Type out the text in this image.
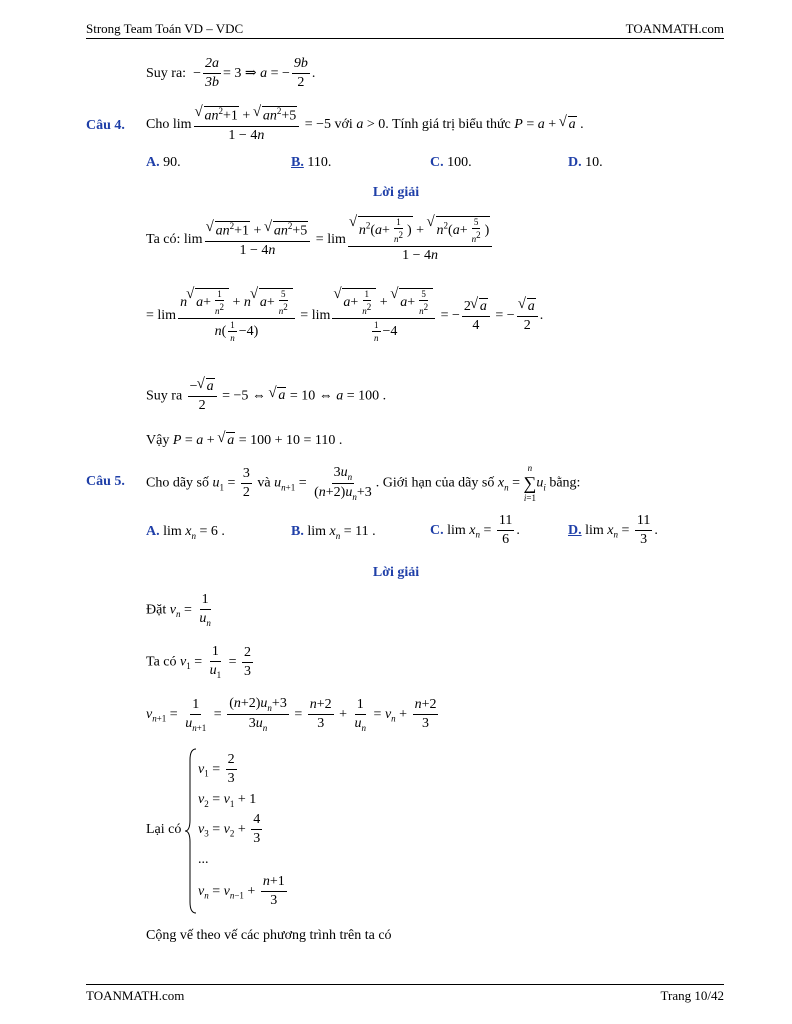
Strong Team Toán VD – VDC	TOANMATH.com
Suy ra:  − $\frac{2a}{3b} = 3$ ⇒ a = − $\frac{9b}{2}$ .
Câu 4. Cho lim √ $\frac{an^2+1 + √ an^2+5}{1 - 4n} = -5$ với a > 0. Tính giá trị biểu thức P = a + √ a .
A. 90.	B. 110.	C. 100.	D. 10.
Lời giải
Ta có: lim √ $\frac{an^2+1 + √ an^2+5}{1 - 4n} = \lim$ √ $\frac{n^2(a+ \frac{1}{n^2} ) + √ n^2(a+ \frac{5}{n^2} )}{1 - 4n}$
= $\lim \frac{n √ a+ \frac{1}{n^2} + n √ a+ \frac{5}{n^2}}{n( \frac{1}{n} -4)} = \lim$ √ $\frac{a+ \frac{1}{n^2} + √ a+ \frac{5}{n^2}}{\frac{1}{n} -4}$ = − $\frac{2 √ a}{4}$ = − √ $\frac{a}{2}$ .
Suy ra $\frac{- √ a}{2} = -5$ ⇔ √ a = 10 ⇔ a = 100 .
Vậy P = a + √ a = 100 + 10 = 110 .
Câu 5. Cho dãy số $u_1 = \frac{3}{2}$ và $u_{n+1} = \frac{3u_n}{(n+2)u_n+3}$ . Giới hạn của dãy số $x_n = n$
∑
$i=1u_i$ bằng:
A. $\lim x_n = 6$ .	B. $\lim x_n = 11$ .	C. $\lim x_n = \frac{11}{6}$ .	D. $\lim x_n = \frac{11}{3}$ .
Lời giải
Đặt $v_n = \frac{1}{u_n}$
Ta có $v_1 = \frac{1}{u_1} = \frac{2}{3}$
$v_{n+1} = \frac{1}{u_{n+1}} = \frac{(n+2)u_n+3}{3u_n} = \frac{n+2}{3} + \frac{1}{u_n} = v_n + \frac{n+2}{3}$
Lại có
$v_1 = \frac{2}{3}$
$v_2 = v_1 + 1$
$v_3 = v_2 + \frac{4}{3}$
...
$v_n = v_{n-1} + \frac{n+1}{3}$
Cộng vế theo vế các phương trình trên ta có
TOANMATH.com	Trang 10/42
